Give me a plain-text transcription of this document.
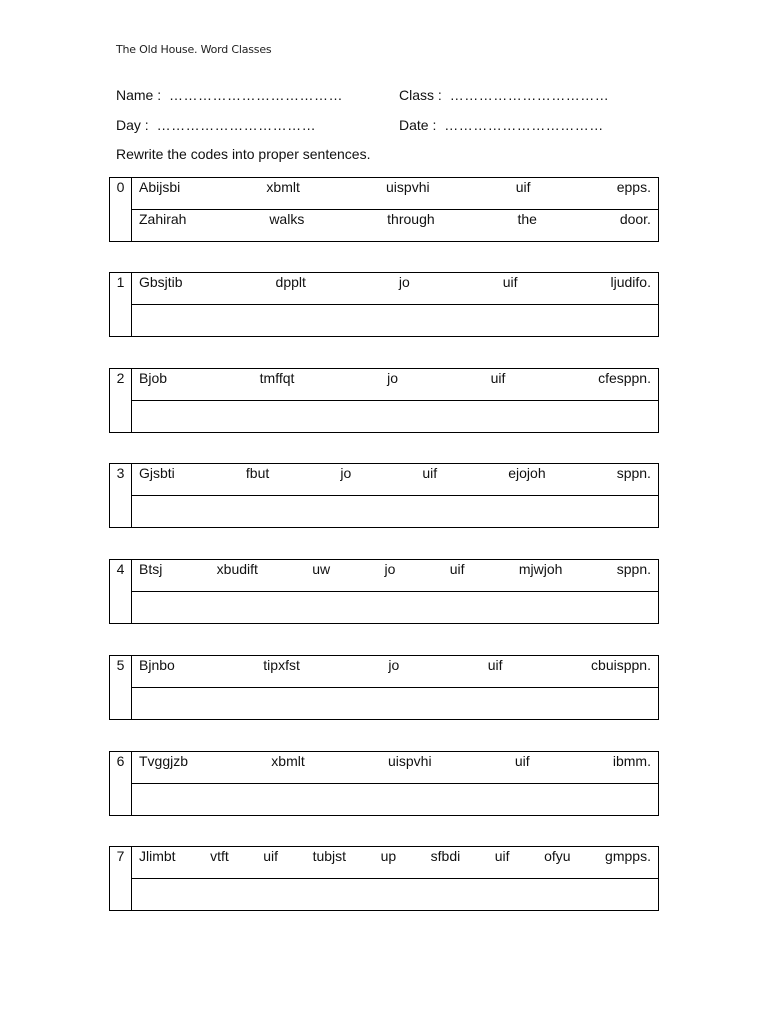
The Old House. Word Classes
Name : ………………………………	Class : ……………………………
Day : ……………………………	Date : ……………………………
Rewrite the codes into proper sentences.
0	Abijsbi	xbmlt	uispvhi	uif	epps.
Zahirah	walks	through	the	door.
1	Gbsjtib	dpplt	jo	uif	ljudifo.
2	Bjob	tmffqt	jo	uif	cfesppn.
3	Gjsbti	fbut	jo	uif	ejojoh	sppn.
4	Btsj	xbudift	uw	jo	uif	mjwjoh	sppn.
5	Bjnbo	tipxfst	jo	uif	cbuisppn.
6	Tvggjzb	xbmlt	uispvhi	uif	ibmm.
7	Jlimbt vtft uif tubjst up sfbdi uif ofyu gmpps.
